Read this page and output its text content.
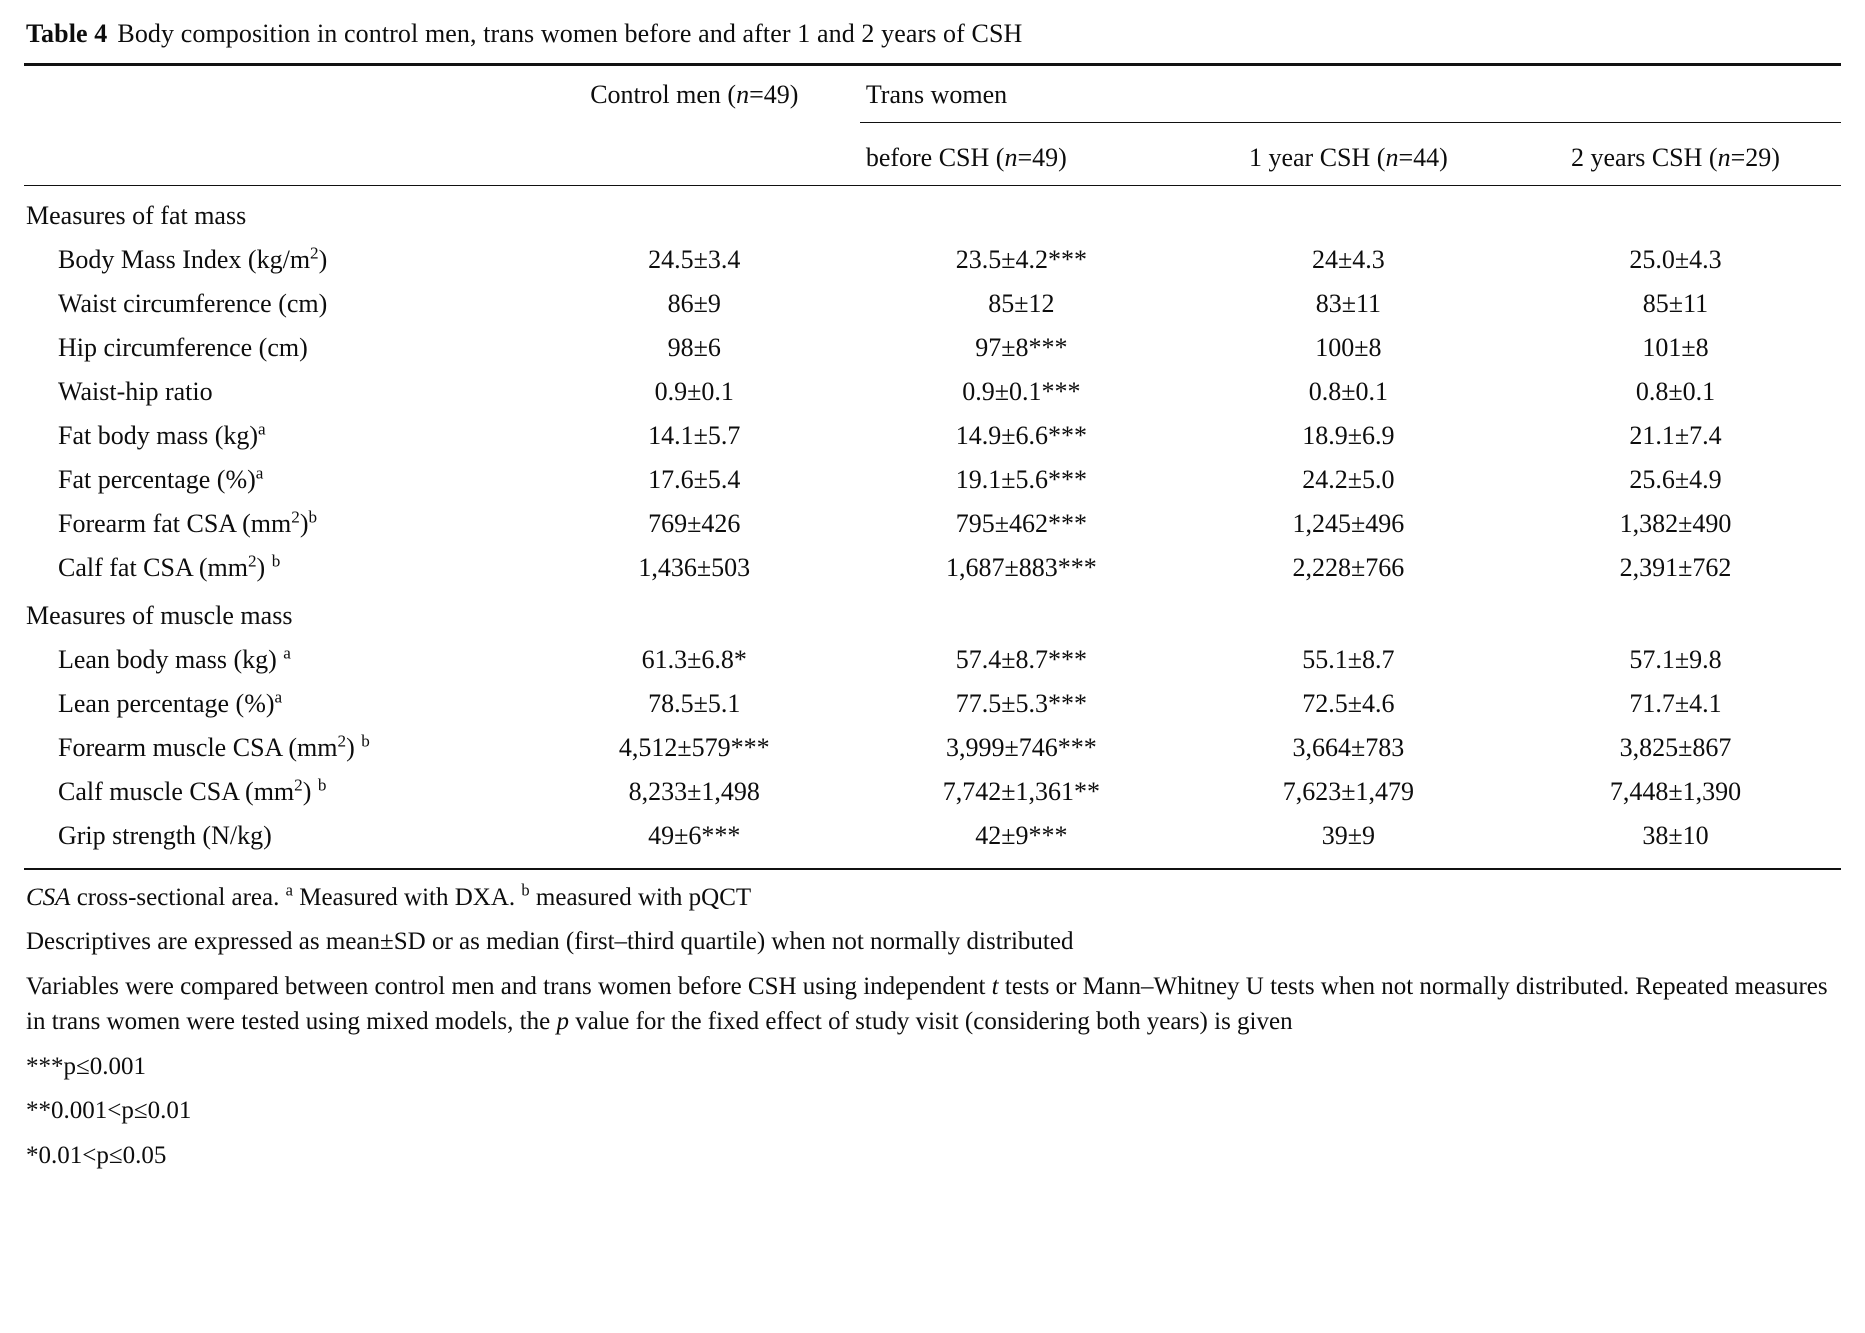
Table 4 Body composition in control men, trans women before and after 1 and 2 years of CSH
	Control men (n=49)	Trans women		

		before CSH (n=49)	1 year CSH (n=44)	2 years CSH (n=29)

Measures of fat mass				
Body Mass Index $(kg/m^2)$	24.5±3.4	23.5±4.2***	24±4.3	25.0±4.3
Waist circumference (cm)	86±9	85±12	83±11	85±11
Hip circumference (cm)	98±6	97±8***	100±8	101±8
Waist-hip ratio	0.9±0.1	0.9±0.1***	0.8±0.1	0.8±0.1
Fat body mass (kg)$^a$	14.1±5.7	14.9±6.6***	18.9±6.9	21.1±7.4
Fat percentage (%)$^a$	17.6±5.4	19.1±5.6***	24.2±5.0	25.6±4.9
Forearm fat CSA $(mm^2)^b$	769±426	795±462***	1,245±496	1,382±490
Calf fat CSA $(mm^2)$ $^b$	1,436±503	1,687±883***	2,228±766	2,391±762
Measures of muscle mass				
Lean body mass (kg) $^a$	61.3±6.8*	57.4±8.7***	55.1±8.7	57.1±9.8
Lean percentage (%)$^a$	78.5±5.1	77.5±5.3***	72.5±4.6	71.7±4.1
Forearm muscle CSA $(mm^2)$ $^b$	4,512±579***	3,999±746***	3,664±783	3,825±867
Calf muscle CSA $(mm^2)$ $^b$	8,233±1,498	7,742±1,361**	7,623±1,479	7,448±1,390
Grip strength (N/kg)	49±6***	42±9***	39±9	38±10

CSA cross-sectional area. $^a$ Measured with DXA. $^b$ measured with pQCT

Descriptives are expressed as mean±SD or as median (first–third quartile) when not normally distributed

Variables were compared between control men and trans women before CSH using independent t tests or Mann–Whitney U tests when not normally distributed. Repeated measures in trans women were tested using mixed models, the p value for the fixed effect of study visit (considering both years) is given

***p≤0.001

**0.001<p≤0.01

*0.01<p≤0.05
